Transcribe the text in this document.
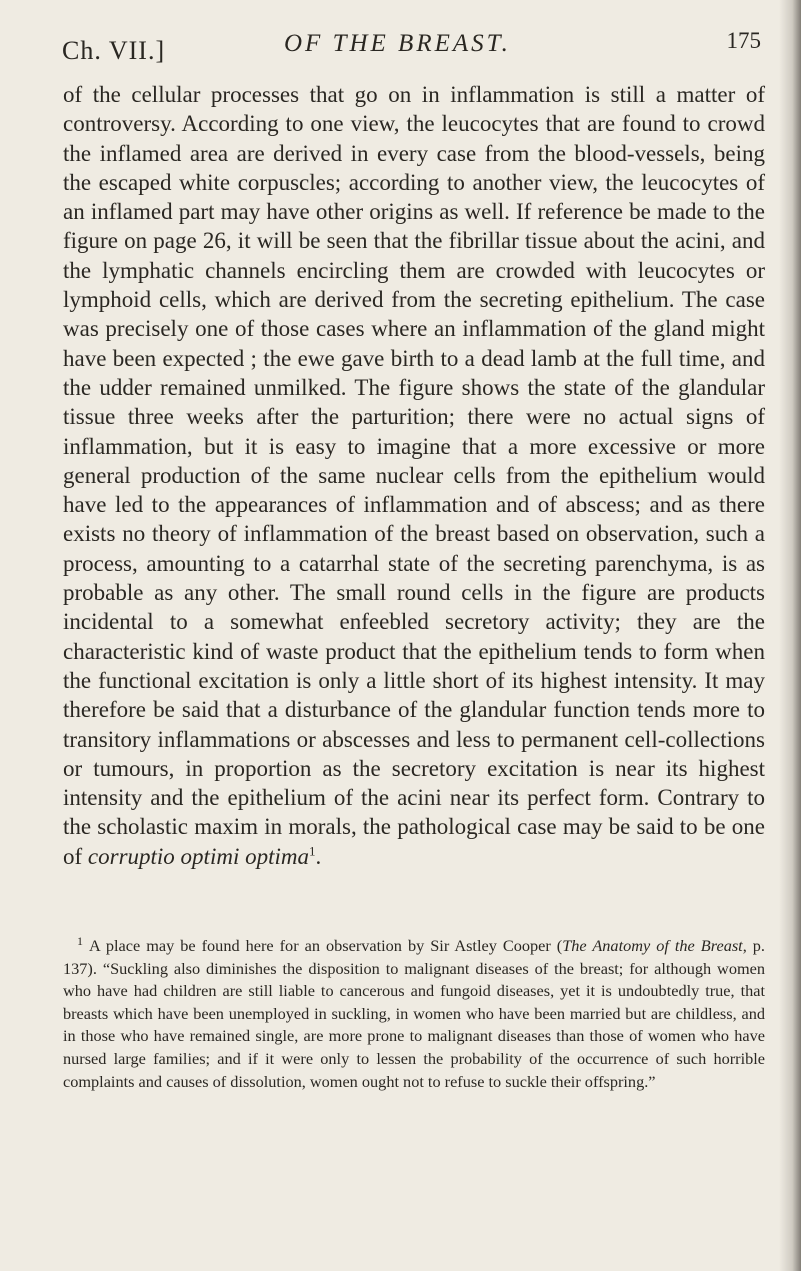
Ch. VII.]	OF THE BREAST.	175

of the cellular processes that go on in inflammation is still a matter of controversy. According to one view, the leucocytes that are found to crowd the inflamed area are derived in every case from the blood-vessels, being the escaped white corpuscles; according to another view, the leucocytes of an inflamed part may have other origins as well. If reference be made to the figure on page 26, it will be seen that the fibrillar tissue about the acini, and the lymphatic channels encircling them are crowded with leucocytes or lymphoid cells, which are derived from the secreting epithelium. The case was precisely one of those cases where an inflammation of the gland might have been expected ; the ewe gave birth to a dead lamb at the full time, and the udder remained unmilked. The figure shows the state of the glandular tissue three weeks after the parturition; there were no actual signs of inflammation, but it is easy to imagine that a more excessive or more general production of the same nuclear cells from the epithelium would have led to the appearances of inflammation and of abscess; and as there exists no theory of inflammation of the breast based on observation, such a process, amounting to a catarrhal state of the secreting parenchyma, is as probable as any other. The small round cells in the figure are products incidental to a somewhat enfeebled secretory activity; they are the characteristic kind of waste product that the epithelium tends to form when the functional excitation is only a little short of its highest intensity. It may therefore be said that a disturbance of the glandular function tends more to transitory inflammations or abscesses and less to permanent cell-collections or tumours, in proportion as the secretory excitation is near its highest intensity and the epithelium of the acini near its perfect form. Contrary to the scholastic maxim in morals, the pathological case may be said to be one of corruptio optimi optima$^1$.

$^1$ A place may be found here for an observation by Sir Astley Cooper (The Anatomy of the Breast, p. 137). “Suckling also diminishes the disposition to malignant diseases of the breast; for although women who have had children are still liable to cancerous and fungoid diseases, yet it is undoubtedly true, that breasts which have been unemployed in suckling, in women who have been married but are childless, and in those who have remained single, are more prone to malignant diseases than those of women who have nursed large families; and if it were only to lessen the probability of the occurrence of such horrible complaints and causes of dissolution, women ought not to refuse to suckle their offspring.”
